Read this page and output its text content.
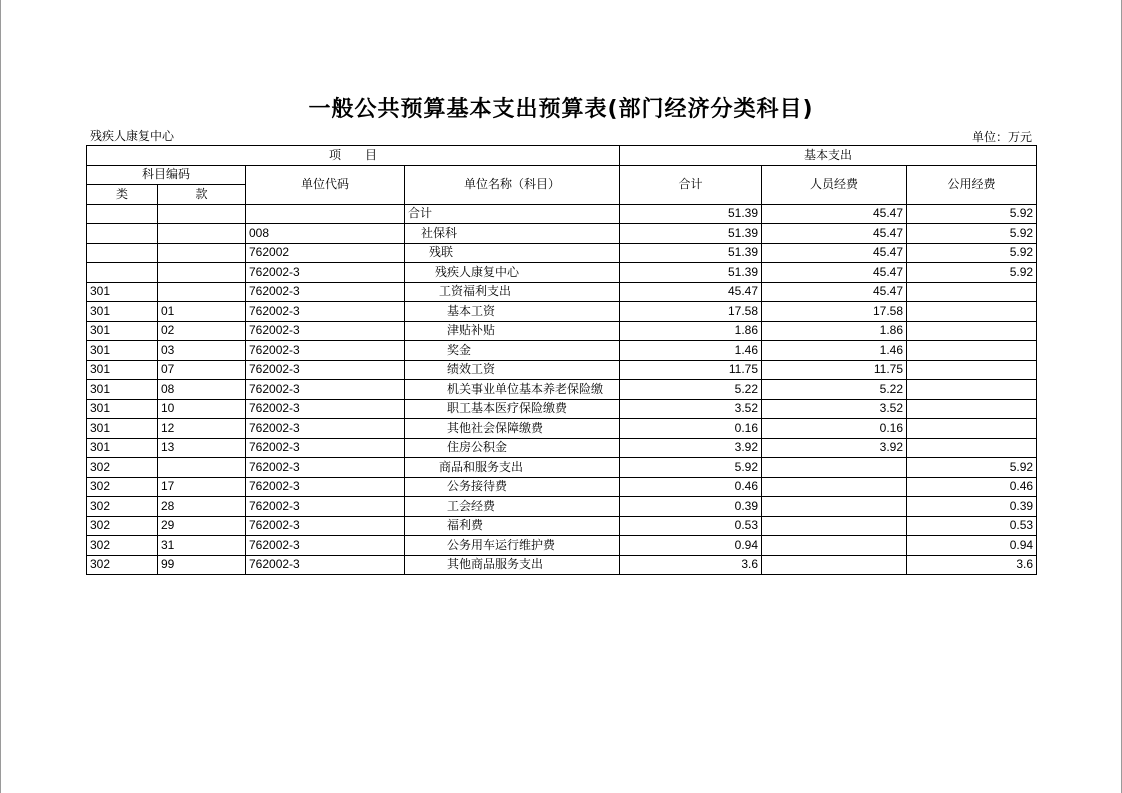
一般公共预算基本支出预算表(部门经济分类科目)
残疾人康复中心	单位：万元
项　　目				基本支出		
科目编码		单位代码	单位名称（科目）	合计	人员经费	公用经费
类	款					
			合计	51.39	45.47	5.92
		008	社保科	51.39	45.47	5.92
		762002	残联	51.39	45.47	5.92
		762002-3	残疾人康复中心	51.39	45.47	5.92
301		762002-3	工资福利支出	45.47	45.47	
301	01	762002-3	基本工资	17.58	17.58	
301	02	762002-3	津贴补贴	1.86	1.86	
301	03	762002-3	奖金	1.46	1.46	
301	07	762002-3	绩效工资	11.75	11.75	
301	08	762002-3	机关事业单位基本养老保险缴	5.22	5.22	
301	10	762002-3	职工基本医疗保险缴费	3.52	3.52	
301	12	762002-3	其他社会保障缴费	0.16	0.16	
301	13	762002-3	住房公积金	3.92	3.92	
302		762002-3	商品和服务支出	5.92		5.92
302	17	762002-3	公务接待费	0.46		0.46
302	28	762002-3	工会经费	0.39		0.39
302	29	762002-3	福利费	0.53		0.53
302	31	762002-3	公务用车运行维护费	0.94		0.94
302	99	762002-3	其他商品服务支出	3.6		3.6
